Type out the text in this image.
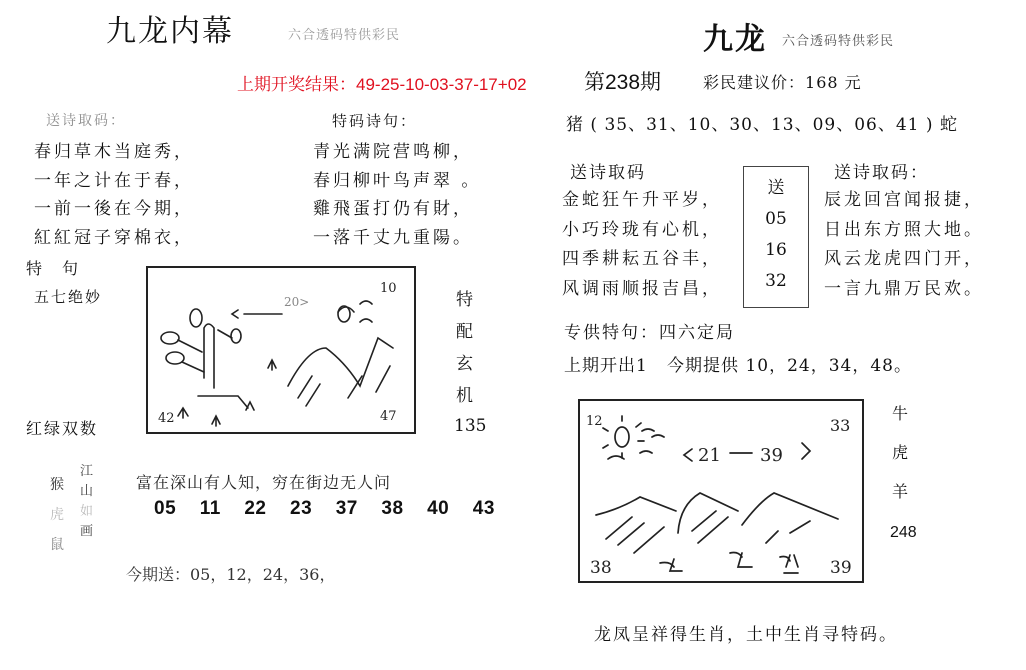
九龙内幕	六合透码特供彩民	九龙 六合透码特供彩民
上期开奖结果：49-25-10-03-37-17+02	第238期	彩民建议价：168 元
送诗取码：
春归草木当庭秀，
一年之计在于春，
一前一後在今期，
紅紅冠子穿棉衣，
特码诗句：
青光满院营鸣柳，
春归柳叶鸟声翠 。
雞飛蛋打仍有財，
一落千丈九重陽。
特　句
五七绝妙	10
42	47
20>	特
配
玄
机
135
红绿双数
猴
虎
鼠
江
山
如
画
富在深山有人知，穷在街边无人问
05  11  22  23  37  38  40  43
今期送：05，12，24，36，
猪 ( 35、31、10、30、13、09、06、41 ) 蛇
送诗取码
金蛇狂午升平岁，
小巧玲珑有心机，
四季耕耘五谷丰，
风调雨顺报吉昌，
送
05
16
32
送诗取码：
辰龙回宫闻报捷，
日出东方照大地。
风云龙虎四门开，
一言九鼎万民欢。
专供特句：四六定局
上期开出1 今期提供 10，24，34，48。
12	33
38	39
21 39
牛
虎
羊
248
龙凤呈祥得生肖，土中生肖寻特码。
